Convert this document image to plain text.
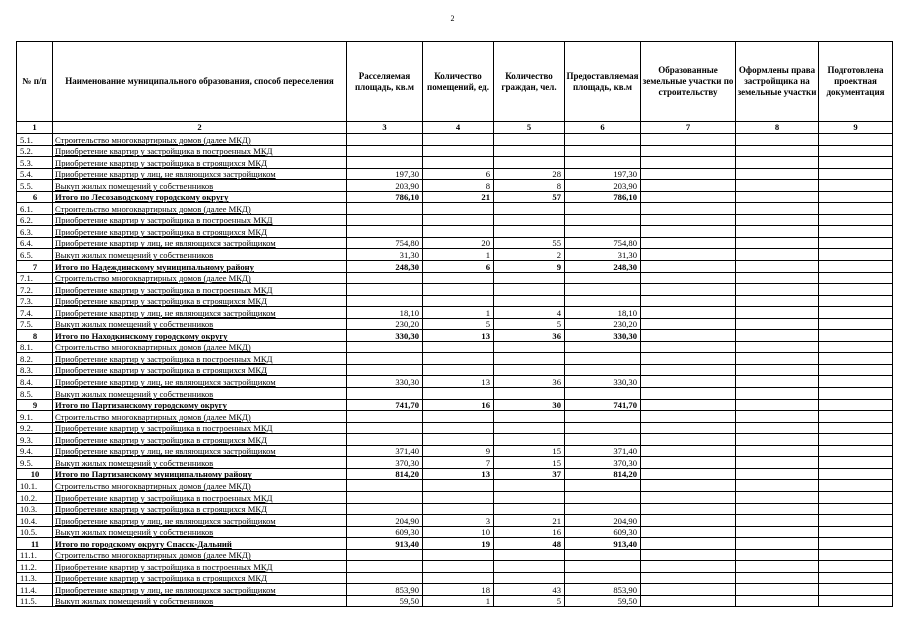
2
№ п/п	Наименование муниципального образования, способ переселения	Расселяемая площадь, кв.м	Количество помещений, ед.	Количество граждан, чел.	Предоставляемая площадь, кв.м	Образованные земельные участки по строительству	Оформлены права застройщика на земельные участки	Подготовлена проектная документация
1	2	3	4	5	6	7	8	9
5.1.	Строительство многоквартирных домов (далее МКД)							
5.2.	Приобретение квартир у застройщика в построенных МКД							
5.3.	Приобретение квартир у застройщика в строящихся МКД							
5.4.	Приобретение квартир у лиц, не являющихся застройщиком	197,30	6	28	197,30			
5.5.	Выкуп жилых помещений у собственников	203,90	8	8	203,90			
6	Итого по Лесозаводскому городскому округу	786,10	21	57	786,10			
6.1.	Строительство многоквартирных домов (далее МКД)							
6.2.	Приобретение квартир у застройщика в построенных МКД							
6.3.	Приобретение квартир у застройщика в строящихся МКД							
6.4.	Приобретение квартир у лиц, не являющихся застройщиком	754,80	20	55	754,80			
6.5.	Выкуп жилых помещений у собственников	31,30	1	2	31,30			
7	Итого по Надеждинскому муниципальному району	248,30	6	9	248,30			
7.1.	Строительство многоквартирных домов (далее МКД)							
7.2.	Приобретение квартир у застройщика в построенных МКД							
7.3.	Приобретение квартир у застройщика в строящихся МКД							
7.4.	Приобретение квартир у лиц, не являющихся застройщиком	18,10	1	4	18,10			
7.5.	Выкуп жилых помещений у собственников	230,20	5	5	230,20			
8	Итого по Находкинскому городскому округу	330,30	13	36	330,30			
8.1.	Строительство многоквартирных домов (далее МКД)							
8.2.	Приобретение квартир у застройщика в построенных МКД							
8.3.	Приобретение квартир у застройщика в строящихся МКД							
8.4.	Приобретение квартир у лиц, не являющихся застройщиком	330,30	13	36	330,30			
8.5.	Выкуп жилых помещений у собственников							
9	Итого по Партизанскому городскому округу	741,70	16	30	741,70			
9.1.	Строительство многоквартирных домов (далее МКД)							
9.2.	Приобретение квартир у застройщика в построенных МКД							
9.3.	Приобретение квартир у застройщика в строящихся МКД							
9.4.	Приобретение квартир у лиц, не являющихся застройщиком	371,40	9	15	371,40			
9.5.	Выкуп жилых помещений у собственников	370,30	7	15	370,30			
10	Итого по Партизанскому муниципальному району	814,20	13	37	814,20			
10.1.	Строительство многоквартирных домов (далее МКД)							
10.2.	Приобретение квартир у застройщика в построенных МКД							
10.3.	Приобретение квартир у застройщика в строящихся МКД							
10.4.	Приобретение квартир у лиц, не являющихся застройщиком	204,90	3	21	204,90			
10.5.	Выкуп жилых помещений у собственников	609,30	10	16	609,30			
11	Итого по городскому округу Спасск-Дальний	913,40	19	48	913,40			
11.1.	Строительство многоквартирных домов (далее МКД)							
11.2.	Приобретение квартир у застройщика в построенных МКД							
11.3.	Приобретение квартир у застройщика в строящихся МКД							
11.4.	Приобретение квартир у лиц, не являющихся застройщиком	853,90	18	43	853,90			
11.5.	Выкуп жилых помещений у собственников	59,50	1	5	59,50			
